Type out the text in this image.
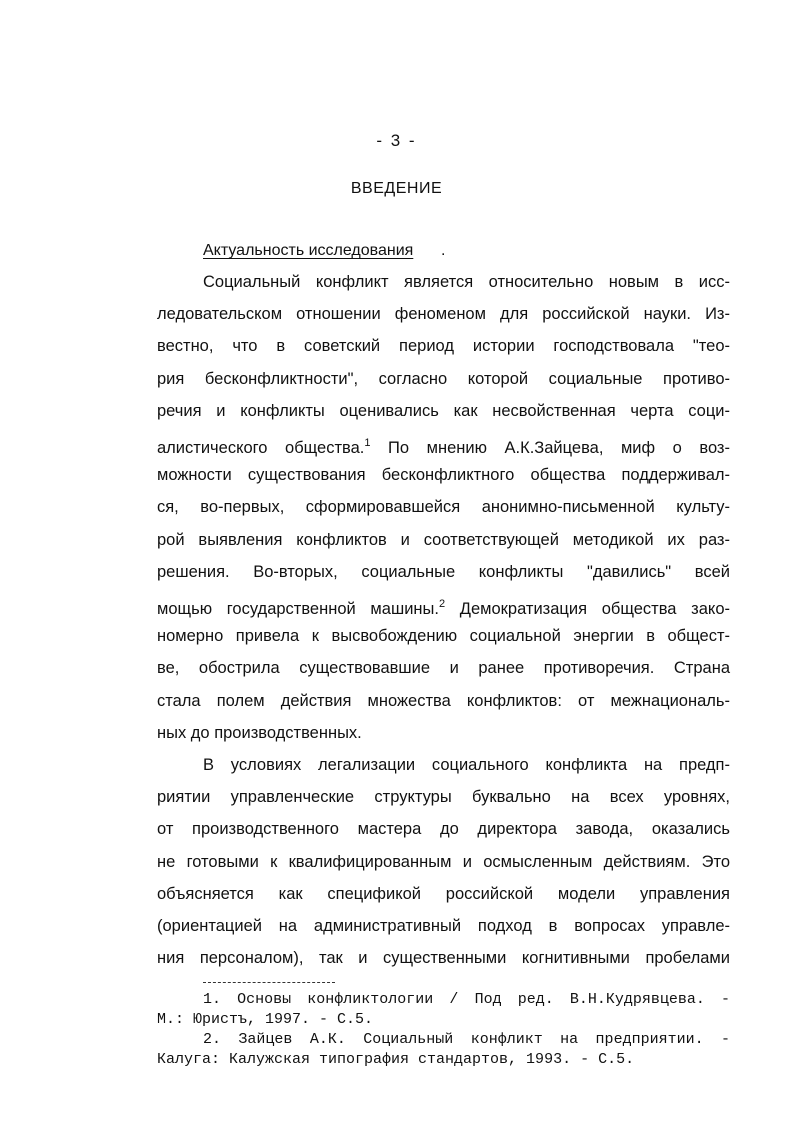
- 3 -
ВВЕДЕНИЕ
Актуальность исследования .
Социальный конфликт является относительно новым в исс-
ледовательском отношении феноменом для российской науки. Из-
вестно, что в советский период истории господствовала "тео-
рия бесконфликтности", согласно которой социальные противо-
речия и конфликты оценивались как несвойственная черта соци-
алистического общества.$^1$ По мнению А.К.Зайцева, миф о воз-
можности существования бесконфликтного общества поддерживал-
ся, во-первых, сформировавшейся анонимно-письменной культу-
рой выявления конфликтов и соответствующей методикой их раз-
решения. Во-вторых, социальные конфликты "давились" всей
мощью государственной машины.$^2$ Демократизация общества зако-
номерно привела к высвобождению социальной энергии в общест-
ве, обострила существовавшие и ранее противоречия. Страна
стала полем действия множества конфликтов: от межнациональ-
ных до производственных.
В условиях легализации социального конфликта на предп-
риятии управленческие структуры буквально на всех уровнях,
от производственного мастера до директора завода, оказались
не готовыми к квалифицированным и осмысленным действиям. Это
объясняется как спецификой российской модели управления
(ориентацией на административный подход в вопросах управле-
ния персоналом), так и существенными когнитивными пробелами
1. Основы конфликтологии / Под ред. В.Н.Кудрявцева. -
М.: Юристъ, 1997. - С.5.
2. Зайцев А.К. Социальный конфликт на предприятии. -
Калуга: Калужская типография стандартов, 1993. - С.5.
